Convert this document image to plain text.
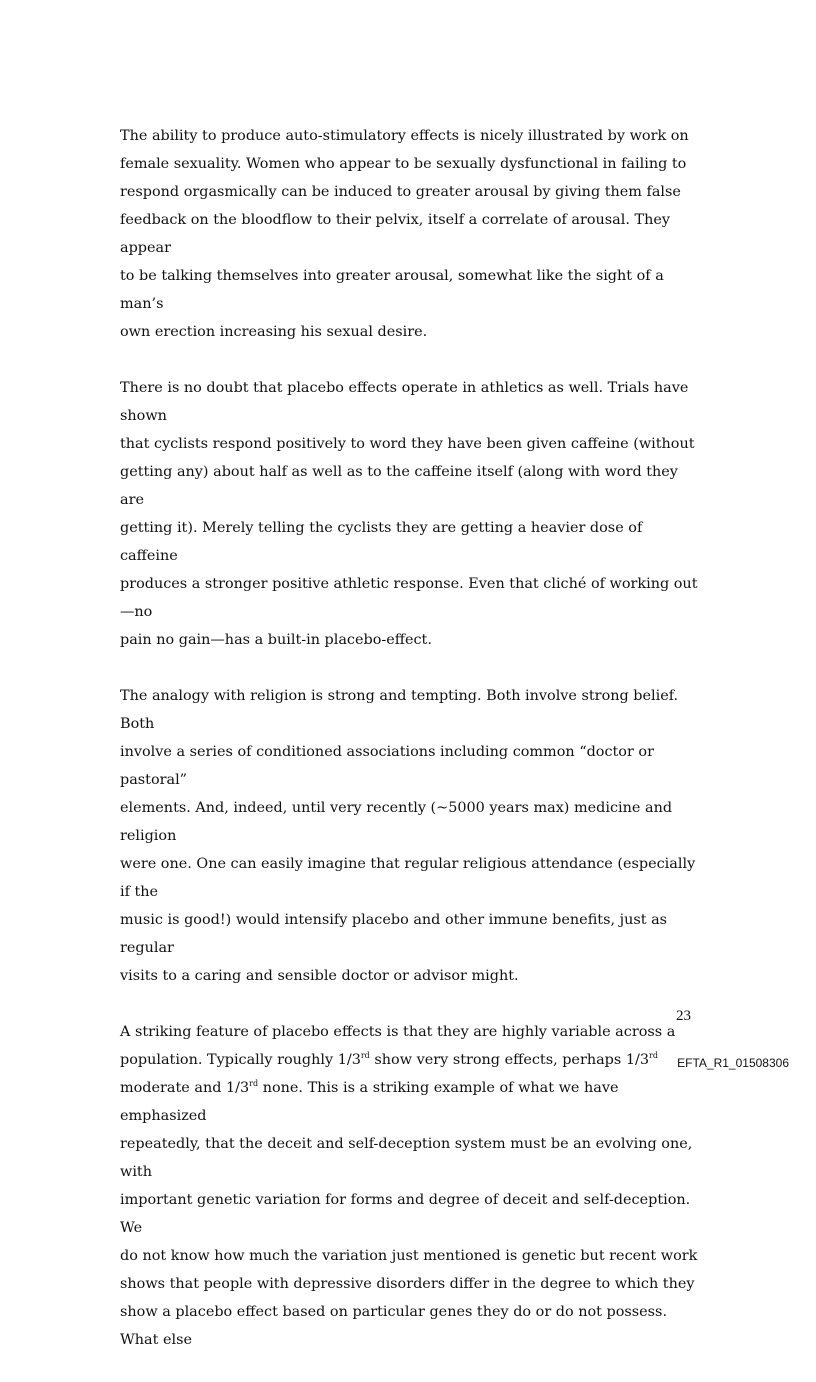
The ability to produce auto-stimulatory effects is nicely illustrated by work on
female sexuality. Women who appear to be sexually dysfunctional in failing to
respond orgasmically can be induced to greater arousal by giving them false
feedback on the bloodflow to their pelvix, itself a correlate of arousal. They appear
to be talking themselves into greater arousal, somewhat like the sight of a man’s
own erection increasing his sexual desire.

There is no doubt that placebo effects operate in athletics as well. Trials have shown
that cyclists respond positively to word they have been given caffeine (without
getting any) about half as well as to the caffeine itself (along with word they are
getting it). Merely telling the cyclists they are getting a heavier dose of caffeine
produces a stronger positive athletic response. Even that cliché of working out—no
pain no gain—has a built-in placebo-effect.

The analogy with religion is strong and tempting. Both involve strong belief. Both
involve a series of conditioned associations including common “doctor or pastoral”
elements. And, indeed, until very recently (~5000 years max) medicine and religion
were one. One can easily imagine that regular religious attendance (especially if the
music is good!) would intensify placebo and other immune benefits, just as regular
visits to a caring and sensible doctor or advisor might.

A striking feature of placebo effects is that they are highly variable across a
population. Typically roughly 1/3rd show very strong effects, perhaps 1/3rd
moderate and 1/3rd none. This is a striking example of what we have emphasized
repeatedly, that the deceit and self-deception system must be an evolving one, with
important genetic variation for forms and degree of deceit and self-deception. We
do not know how much the variation just mentioned is genetic but recent work
shows that people with depressive disorders differ in the degree to which they
show a placebo effect based on particular genes they do or do not possess. What else

23
EFTA_R1_01508306
